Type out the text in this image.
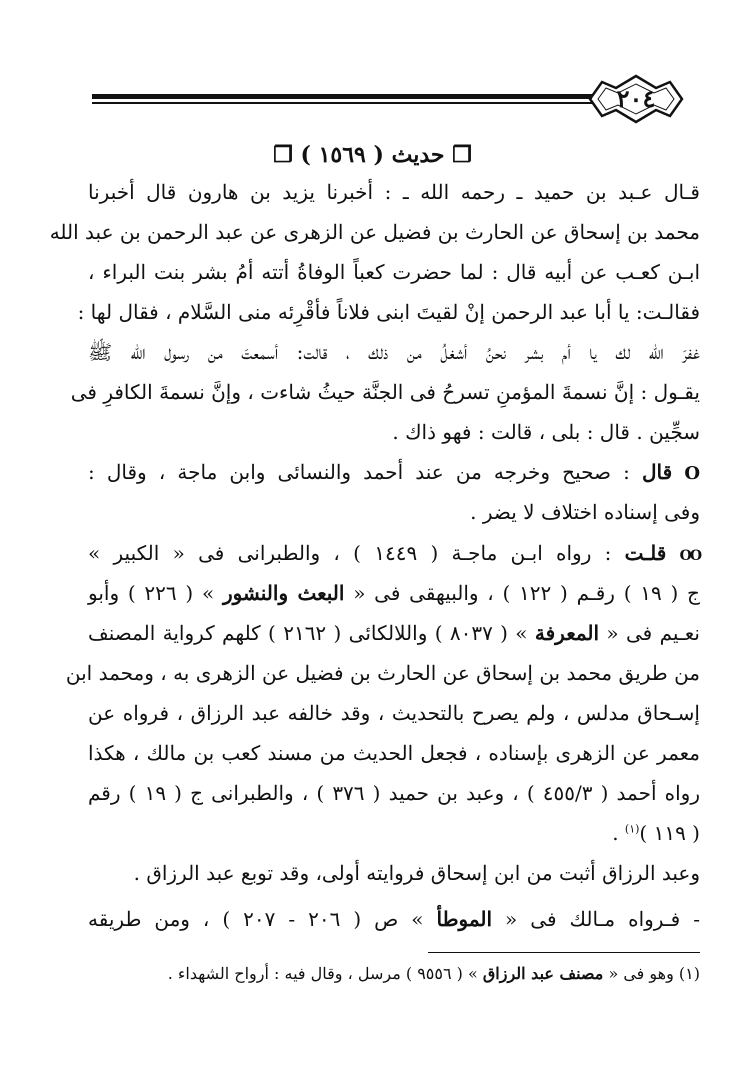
٢٠٤
❐ حديث ( ١٥٦٩ ) ❐
قـال عـبد بن حميد ـ رحمه الله ـ : أخبرنا يزيد بن هارون قال أخبرنا
محمد بن إسحاق عن الحارث بن فضيل عن الزهرى عن عبد الرحمن بن عبد الله
ابـن كعـب عن أبيه قال : لما حضرت كعباً الوفاةُ أتته أمُ بشر بنت البراء ،
فقالـت: يا أبا عبد الرحمن إنْ لقيتَ ابنى فلاناً فأقْرِئه منى السَّلام ، فقال لها :
غفرَ الله لك يا أم بشر نحنُ أشغلُ من ذلك ، قالت: أسمعتَ من رسول الله ﷺ
يقـول : إنَّ نسمةَ المؤمنِ تسرحُ فى الجنَّة حيثُ شاءت ، وإنَّ نسمةَ الكافرِ فى
سجِّين . قال : بلى ، قالت : فهو ذاك .
O قال : صحيح وخرجه من عند أحمد والنسائى وابن ماجة ، وقال :
وفى إسناده اختلاف لا يضر .
OO قلـت : رواه ابـن ماجـة ( ١٤٤٩ ) ، والطبرانى فى « الكبير »
ج ( ١٩ ) رقـم ( ١٢٢ ) ، والبيهقى فى « البعث والنشور » ( ٢٢٦ ) وأبو
نعـيم فى « المعرفة » ( ٨٠٣٧ ) واللالكائى ( ٢١٦٢ ) كلهم كرواية المصنف
من طريق محمد بن إسحاق عن الحارث بن فضيل عن الزهرى به ، ومحمد ابن
إسـحاق مدلس ، ولم يصرح بالتحديث ، وقد خالفه عبد الرزاق ، فرواه عن
معمر عن الزهرى بإسناده ، فجعل الحديث من مسند كعب بن مالك ، هكذا
رواه أحمد ( ٤٥٥/٣ ) ، وعبد بن حميد ( ٣٧٦ ) ، والطبرانى ج ( ١٩ ) رقم
( ١١٩ )$^{(١)}$ .
وعبد الرزاق أثبت من ابن إسحاق فروايته أولى، وقد توبع عبد الرزاق .
- فـرواه مـالك فى « الموطأ » ص ( ٢٠٦ - ٢٠٧ ) ، ومن طريقه
(١) وهو فى « مصنف عبد الرزاق » ( ٩٥٥٦ ) مرسل ، وقال فيه : أرواح الشهداء .
